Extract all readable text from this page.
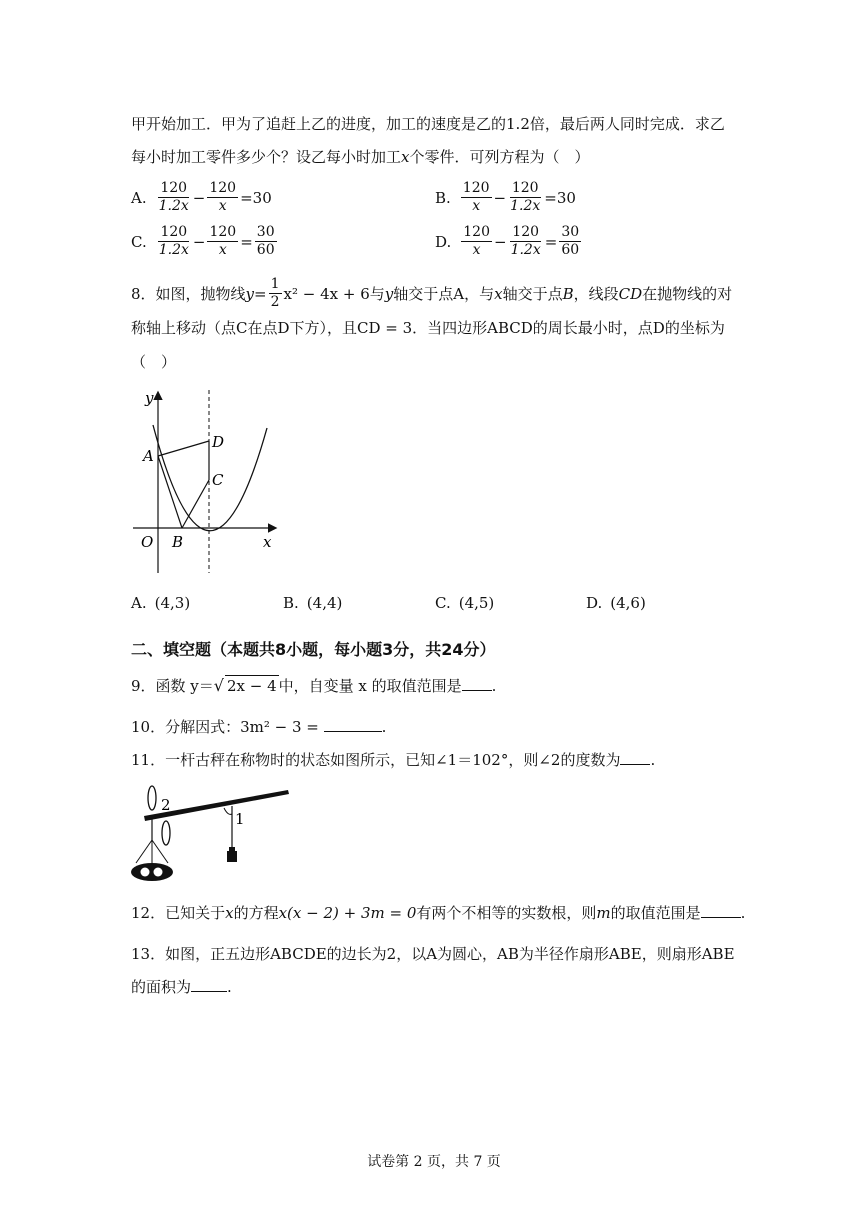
甲开始加工．甲为了追赶上乙的进度，加工的速度是乙的1.2倍，最后两人同时完成．求乙
每小时加工零件多少个？设乙每小时加工x个零件．可列方程为（　）
A. $\frac{120}{1.2x} - \frac{120}{x} = 30$	B. $\frac{120}{x} - \frac{120}{1.2x} = 30$
C. $\frac{120}{1.2x} - \frac{120}{x} = \frac{30}{60}$	D. $\frac{120}{x} - \frac{120}{1.2x} = \frac{30}{60}$
8．如图，抛物线 $y = \frac{1}{2} x^2 - 4x + 6$ 与 y 轴交于点A，与 x 轴交于点 B ，线段 CD 在抛物线的对
称轴上移动（点C在点D下方），且CD = 3．当四边形ABCD的周长最小时，点D的坐标为
（　）
y
x
O
A
B
C
D
A. (4,3)	B. (4,4)	C. (4,5)	D. (4,6)
二、填空题（本题共8小题，每小题3分，共24分）
9．函数 y＝√ 2x − 4 中，自变量 x 的取值范围是 .
10．分解因式：3m² − 3 =	.
11．一杆古秤在称物时的状态如图所示，已知∠1＝102°，则∠2的度数为 .
2
1
12．已知关于x的方程x(x − 2) + 3m = 0有两个不相等的实数根，则m的取值范围是	.
13．如图，正五边形ABCDE的边长为2，以A为圆心，AB为半径作扇形ABE，则扇形ABE
的面积为 .
试卷第 2 页，共 7 页
